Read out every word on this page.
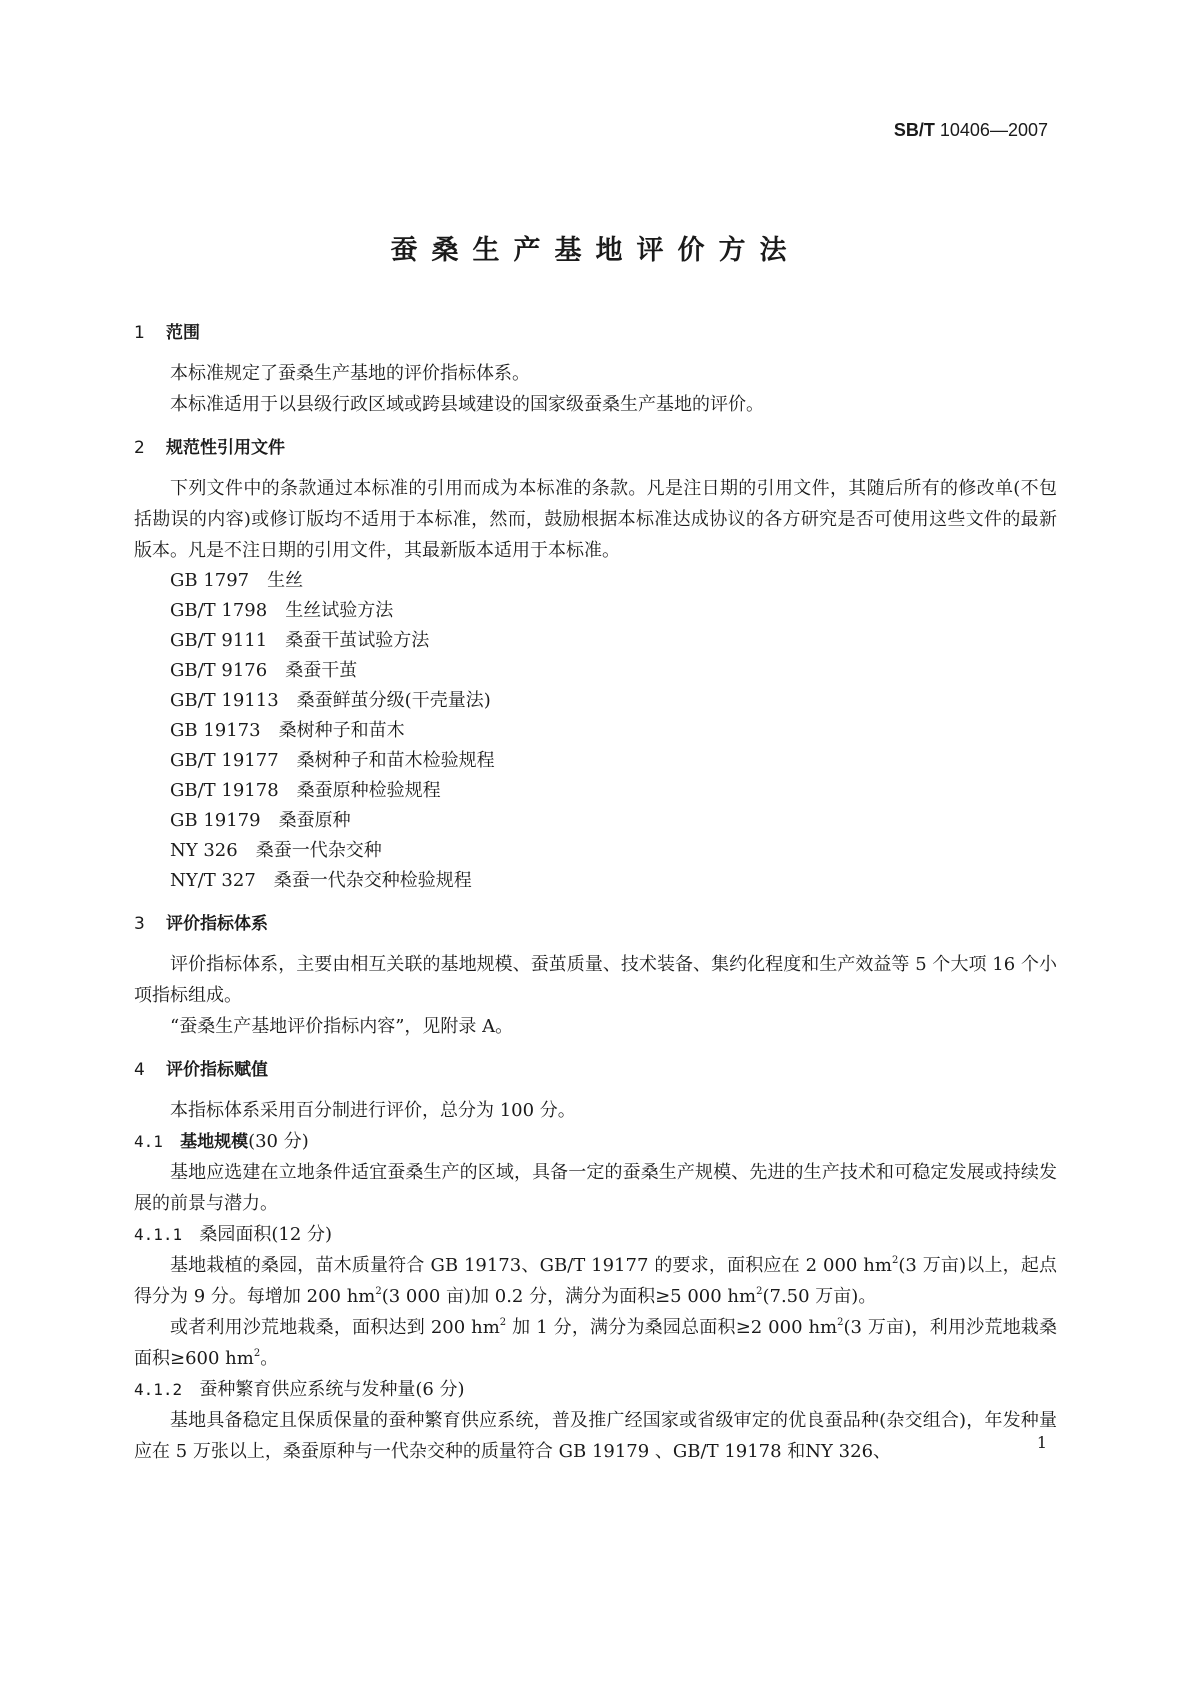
SB/T 10406—2007
蚕桑生产基地评价方法
1 范围

本标准规定了蚕桑生产基地的评价指标体系。

本标准适用于以县级行政区域或跨县域建设的国家级蚕桑生产基地的评价。

2 规范性引用文件

下列文件中的条款通过本标准的引用而成为本标准的条款。凡是注日期的引用文件，其随后所有的修改单(不包括勘误的内容)或修订版均不适用于本标准，然而，鼓励根据本标准达成协议的各方研究是否可使用这些文件的最新版本。凡是不注日期的引用文件，其最新版本适用于本标准。

GB 1797 生丝

GB/T 1798 生丝试验方法

GB/T 9111 桑蚕干茧试验方法

GB/T 9176 桑蚕干茧

GB/T 19113 桑蚕鲜茧分级(干壳量法)

GB 19173 桑树种子和苗木

GB/T 19177 桑树种子和苗木检验规程

GB/T 19178 桑蚕原种检验规程

GB 19179 桑蚕原种

NY 326 桑蚕一代杂交种

NY/T 327 桑蚕一代杂交种检验规程

3 评价指标体系

评价指标体系，主要由相互关联的基地规模、蚕茧质量、技术装备、集约化程度和生产效益等 5 个大项 16 个小项指标组成。

“蚕桑生产基地评价指标内容”，见附录 A。

4 评价指标赋值

本指标体系采用百分制进行评价，总分为 100 分。

4.1 基地规模(30 分)

基地应选建在立地条件适宜蚕桑生产的区域，具备一定的蚕桑生产规模、先进的生产技术和可稳定发展或持续发展的前景与潜力。

4.1.1 桑园面积(12 分)

基地栽植的桑园，苗木质量符合 GB 19173、GB/T 19177 的要求，面积应在 2 000 $hm^2(3$ 万亩)以上，起点得分为 9 分。每增加 200 $hm^2(3$ 000 亩)加 0.2 分，满分为面积≥5 000 $hm^2(7.50$ 万亩)。

或者利用沙荒地栽桑，面积达到 200 $hm^2$ 加 1 分，满分为桑园总面积≥2 000 $hm^2(3$ 万亩)，利用沙荒地栽桑面积≥600 $hm^2$。

4.1.2 蚕种繁育供应系统与发种量(6 分)

基地具备稳定且保质保量的蚕种繁育供应系统，普及推广经国家或省级审定的优良蚕品种(杂交组合)，年发种量应在 5 万张以上，桑蚕原种与一代杂交种的质量符合 GB 19179 、GB/T 19178 和NY 326、	1
